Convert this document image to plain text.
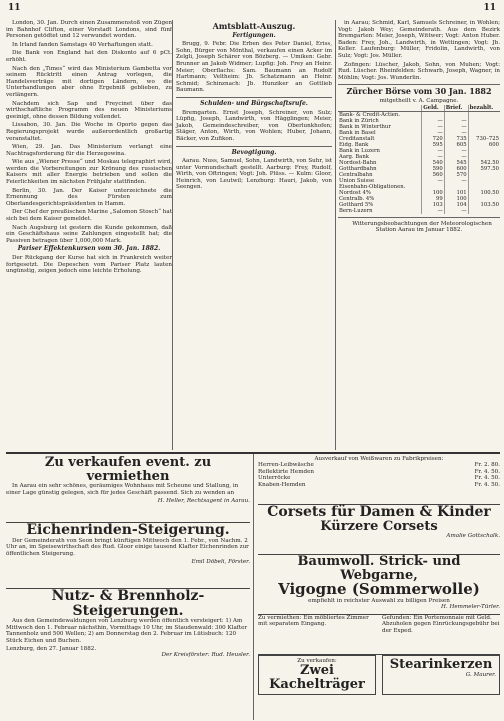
11	11

London, 30. Jan. Durch einen Zusammenstoß von Zügen im Bahnhof Clifton, einer Vorstadt Londons, sind fünf Personen getödtet und 12 verwundet worden.

In Irland fanden Samstags 40 Verhaftungen statt.

Die Bank von England hat den Diskonto auf 6 pCt. erhöht.

Nach den „Times“ wird das Ministerium Gambetta vor seinem Rücktritt einen Antrag vorlegen, die Handelsverträge mit dortigen Ländern, wo die Unterhandlungen aber ohne Ergebniß geblieben, zu verlängern.

Nachdem sich Sap und Freycinet über das wirthschaftliche Programm des neuen Ministeriums geeinigt, ohne dessen Bildung vollendet.

Lissabon, 30. Jan. Die Woche in Oporto gegen das Regierungsprojekt wurde außerordentlich großartig veranstaltet.

Wien, 29. Jan. Das Ministerium verlangt eine Nachtragsforderung für die Herzegowina.

Wie aus „Wiener Presse“ und Moskau telegraphirt wird, werden die Vorbereitungen zur Krönung des russischen Kaisers mit aller Energie betrieben und sollen die Feierlichkeiten im nächsten Frühjahr stattfinden.

Berlin, 30. Jan. Der Kaiser unterzeichnete die Ernennung des Fürsten zum Oberlandesgerichtspräsidenten in Hamm.

Der Chef der preußischen Marine „Salomon Stosch“ hat sich bei dem Kaiser gemeldet.

Nach Augsburg ist gestern die Kunde gekommen, daß ein Geschäftshaus seine Zahlungen eingestellt hat; die Passiven betragen über 1,000,000 Mark.

Pariser Effektenkursen vom 30. Jan. 1882.

Der Rückgang der Kurse hat sich in Frankreich weiter fortgesetzt. Die Depeschen vom Pariser Platz lauten ungünstig, zeigen jedoch eine leichte Erholung.

Amtsblatt-Auszug.
Fertigungen.

Brugg, 9. Febr. Die Erben des Peter Daniel, Eriss, Sohn, Bürger von Mönthal, verkaufen einen Acker im Zelgli, Joseph Schärer von Bözberg. — Umiken: Gebr. Brunner an Jakob Widmer; Lupfig: Joh. Frey an Heinr. Meier; Oberflachs: Sam. Baumann an Rudolf Hartmann; Veltheim: Jb. Schatzmann an Heinr. Schmid; Schinznach: Jb. Hunziker an Gottlieb Baumann.

Schulden- und Bürgschaftsrufe.

Bremgarten. Ernst Joseph, Schreiner, von Sulz; Lüpfig, Joseph, Landwirth, von Hägglingen; Meier, Jakob, Gemeindeschreiber, von Oberlunkhofen; Stäger, Anton, Wirth, von Wohlen; Huber, Johann, Bäcker, von Zufikon.

Bevogtigung.

Aarau. Nuss, Samuel, Sohn, Landwirth, von Suhr, ist unter Vormundschaft gestellt. Aarburg: Frey, Rudolf, Wirth, von Oftringen; Vogt: Joh. Plüss. — Kulm: Gloor, Heinrich, von Leutwil; Lenzburg: Hauri, Jakob, von Seengen.

in Aarau; Schmid, Karl, Samuels Schreiner, in Wohlen; Vogt: Jakob Wey; Gemeinderath. Aus dem Bezirk Bremgarten: Meier, Joseph, Wittwer; Vogt: Anton Huber. Baden: Frey, Joh., Landwirth, in Wettingen; Vogt: Jb. Keller. Laufenburg: Müller, Fridolin, Landwirth, von Sulz; Vogt: Jos. Müller.

Zofingen: Lüscher, Jakob, Sohn, von Muhen; Vogt: Rud. Lüscher. Rheinfelden: Schwarb, Joseph, Wagner, in Möhlin; Vogt: Jos. Wunderlin.

Zürcher Börse vom 30 Jan. 1882
mitgetheilt v. A. Campagne.
	Geld.	Brief.	bezahlt.
Bank- & Credit-Actien.			
Bank in Zürich	—	—	
Bank in Winterthur	—	—	
Bank in Basel	—	—	
Creditanstalt	720	735	730–725
Eidg. Bank	595	605	600
Bank in Luzern	—	—	
Aarg. Bank	—	—	
Nordost-Bahn	540	545	542.50
Gotthardbahn	590	600	597.50
Centralbahn	560	570	
Union Suisse	—	—	
Eisenbahn-Obligationen.			
Nordost 4%	100	101	100.50
Centralb. 4%	99	100	
Gotthard 5%	103	104	103.50
Bern-Luzern	—	—	

Witterungsbeobachtungen der Meteorologischen Station Aarau im Januar 1882.

Zu verkaufen event. zu vermiethen

In Aarau ein sehr schönes, geräumiges Wohnhaus mit Scheune und Stallung, in einer Lage günstig gelegen, sich für jedes Geschäft passend. Sich zu wenden an

H. Heller, Rechtsagent in Aarau.
Eichenrinden-Steigerung.

Der Gemeinderath von Seon bringt künftigen Mittwoch den 1. Febr., von Nachm. 2 Uhr an, im Speisewirthschaft des Rud. Gloor einige tausend Klafter Eichenrinden zur öffentlichen Steigerung.

Emil Döbeli, Förster.
Nutz- & Brennholz-Steigerungen.

Aus den Gemeindewaldungen von Lenzburg werden öffentlich versteigert: 1) Am Mittwoch den 1. Februar nächsthin, Vormittags 10 Uhr, im Staudenwald: 300 Klafter Tannenholz und 500 Wellen; 2) am Donnerstag den 2. Februar im Lütisbuch: 120 Stück Eichen und Buchen.

Lenzburg, den 27. Januar 1882.
Der Kreisförster: Rud. Heusler.
Ausverkauf von Weißwaren zu Fabrikpreisen:
Herren-Leibwäsche	Fr. 2. 80.
Reflektirte Hemden	Fr. 4. 50.
Unterröcke	Fr. 4. 50.
Knaben-Hemden	Fr. 4. 50.
Corsets für Damen & Kinder
Kürzere Corsets
Amalie Gottschalk.
Baumwoll. Strick- und Webgarne,
Vigogne (Sommerwolle)
empfiehlt in reichster Auswahl zu billigen Preisen
H. Hemmeler-Türler.
Zu vermiethen: Ein möbliertes Zimmer mit separatem Eingang.
Gefunden: Ein Portemonnaie mit Geld. Abzuholen gegen Einrückungsgebühr bei der Exped.
Zu verkaufen:
Zwei Kachelträger
Stearinkerzen
G. Maurer.
